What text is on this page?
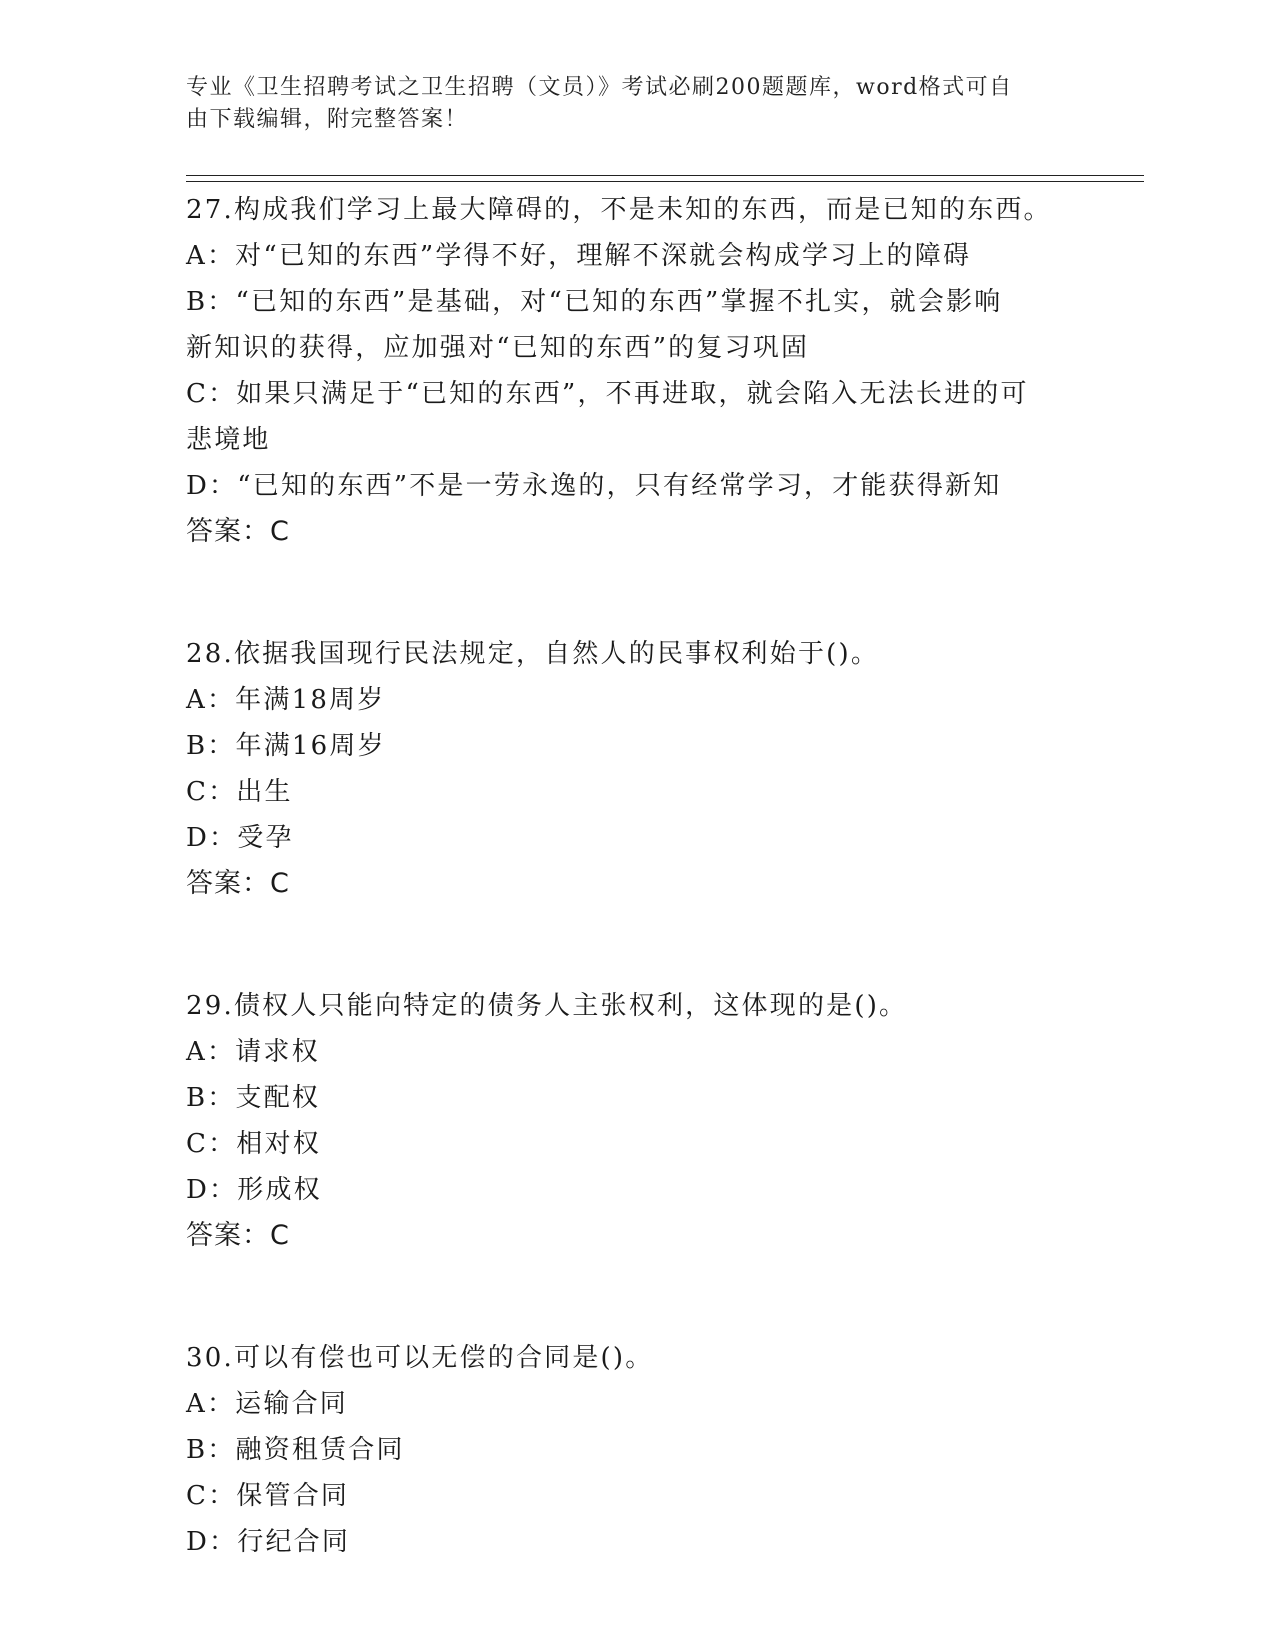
专业《卫生招聘考试之卫生招聘（文员）》考试必刷200题题库，word格式可自
由下载编辑，附完整答案！
27.构成我们学习上最大障碍的，不是未知的东西，而是已知的东西。
A：对“已知的东西”学得不好，理解不深就会构成学习上的障碍
B：“已知的东西”是基础，对“已知的东西”掌握不扎实，就会影响
新知识的获得，应加强对“已知的东西”的复习巩固
C：如果只满足于“已知的东西”，不再进取，就会陷入无法长进的可
悲境地
D：“已知的东西”不是一劳永逸的，只有经常学习，才能获得新知
答案：C
28.依据我国现行民法规定，自然人的民事权利始于()。
A：年满18周岁
B：年满16周岁
C：出生
D：受孕
答案：C
29.债权人只能向特定的债务人主张权利，这体现的是()。
A：请求权
B：支配权
C：相对权
D：形成权
答案：C
30.可以有偿也可以无偿的合同是()。
A：运输合同
B：融资租赁合同
C：保管合同
D：行纪合同
